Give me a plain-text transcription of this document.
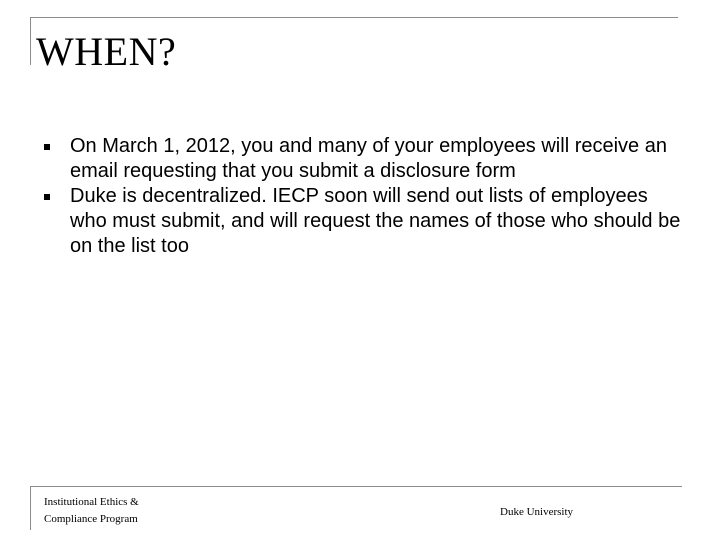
WHEN?
On March 1, 2012, you and many of your employees will receive an email requesting that you submit a disclosure form
Duke is decentralized. IECP soon will send out lists of employees who must submit, and will request the names of those who should be on the list too
Institutional Ethics &
Compliance Program
Duke University
